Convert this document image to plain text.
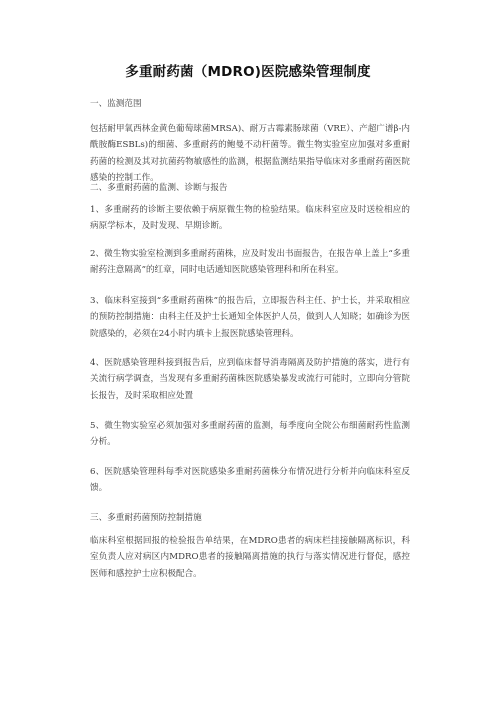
多重耐药菌（MDRO)医院感染管理制度
一、监测范围
包括耐甲氧西林金黄色葡萄球菌MRSA)、耐万古霉素肠球菌（VRE）、产超广谱β-内酰胺酶ESBLs)的细菌、多重耐药的鲍曼不动杆菌等。微生物实验室应加强对多重耐药菌的检测及其对抗菌药物敏感性的监测，根据监测结果指导临床对多重耐药菌医院感染的控制工作。
二、多重耐药菌的监测、诊断与报告
1、多重耐药的诊断主要依赖于病原微生物的检验结果。临床科室应及时送检相应的病原学标本，及时发现、早期诊断。
2、微生物实验室检测到多重耐药菌株，应及时发出书面报告，在报告单上盖上“多重耐药注意隔离”的红章，同时电话通知医院感染管理科和所在科室。
3、临床科室接到“多重耐药菌株”的报告后，立即报告科主任、护士长，并采取相应的预防控制措施：由科主任及护士长通知全体医护人员，做到人人知晓；如确诊为医院感染的，必须在24小时内填卡上报医院感染管理科。
4、医院感染管理科接到报告后，应到临床督导消毒隔离及防护措施的落实，进行有关流行病学调查，当发现有多重耐药菌株医院感染暴发或流行可能时，立即向分管院长报告，及时采取相应处置
5、微生物实验室必须加强对多重耐药菌的监测，每季度向全院公布细菌耐药性监测分析。
6、医院感染管理科每季对医院感染多重耐药菌株分布情况进行分析并向临床科室反馈。
三、多重耐药菌预防控制措施
临床科室根据回报的检验报告单结果，在MDRO患者的病床栏挂接触隔离标识，科室负责人应对病区内MDRO患者的接触隔离措施的执行与落实情况进行督促，感控医师和感控护士应积极配合。
